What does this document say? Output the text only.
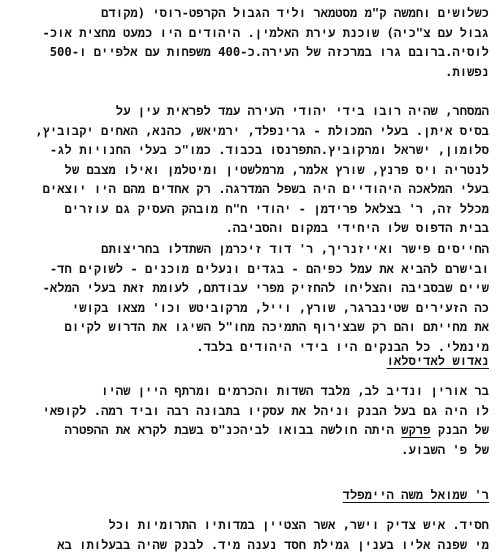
כשלושים וחמשה ק"מ מסטמאר וליד הגבול הקרפט-רוסי (מקודם
גבול עם צ"כיה) שוכנת עירת האלמין. היהודים היו כמעט מחצית אוכ-
לוסיה.ברובם גרו במרכזה של העירה.כ-400 משפחות עם אלפיים ו-500
נפשות.
המסחר, שהיה רובו בידי יהודי העירה עמד לפראית עין על
בסיס איתן. בעלי המכולת - גרינפלד, ירמיאש, כהנא, האחים יקבוביץ,
סלומון, ישראל ומרקוביץ.התפרנסו בכבוד. כמו"כ בעלי החנויות לג-
לנטריה ויס פרנץ, שורץ אלמר, מרמלשטין ומיטלמן ואילו מצבם של
בעלי המלאכה היהודיים היה בשפל המדרגה. רק אחדים מהם היו יוצאים
מכלל זה, ר' בצלאל פרידמן - יהודי ח"ח מובהק העסיק גם עוזרים
בבית הדפוס שלו היחידי במקום והסביבה.
החייסים פישר ואייזנריך, ר' דוד זיכרמן השתדלו בחריצותם
ובישרם להביא את עמל כפיהם - בגדים ונעלים מוכנים - לשוקים חד-
שיים שבסביבה והצליחו להחזיק מפרי עבודתם, לעומת זאת בעלי המלא-
כה הזעירים שטינברגר, שורץ, וייל, מרקוביטש וכו' מצאו בקושי
את מחייתם והם רק שבצירוף התמיכה מחו"ל השיגו את הדרוש לקיום
מינמלי. כל הבנקים היו בידי היהודים בלבד.
נאדוש לאדיסלאו
בר אורין ונדיב לב, מלבד השדות והכרמים ומרתף היין שהיו
לו היה גם בעל הבנק וניהל את עסקיו בתבונה רבה וביד רמה. לקופאי
של הבנק פרקש היתה חולשה בבואו לביהכנ"ס בשבת לקרא את ההפטרה
של פ' השבוע.
ר' שמואל משה היימפלד
חסיד. איש צדיק וישר, אשר הצטיין במדותיו התרומיות וכל
מי שפנה אליו בענין גמילת חסד נענה מיד. לבנק שהיה בבעלותו בא
